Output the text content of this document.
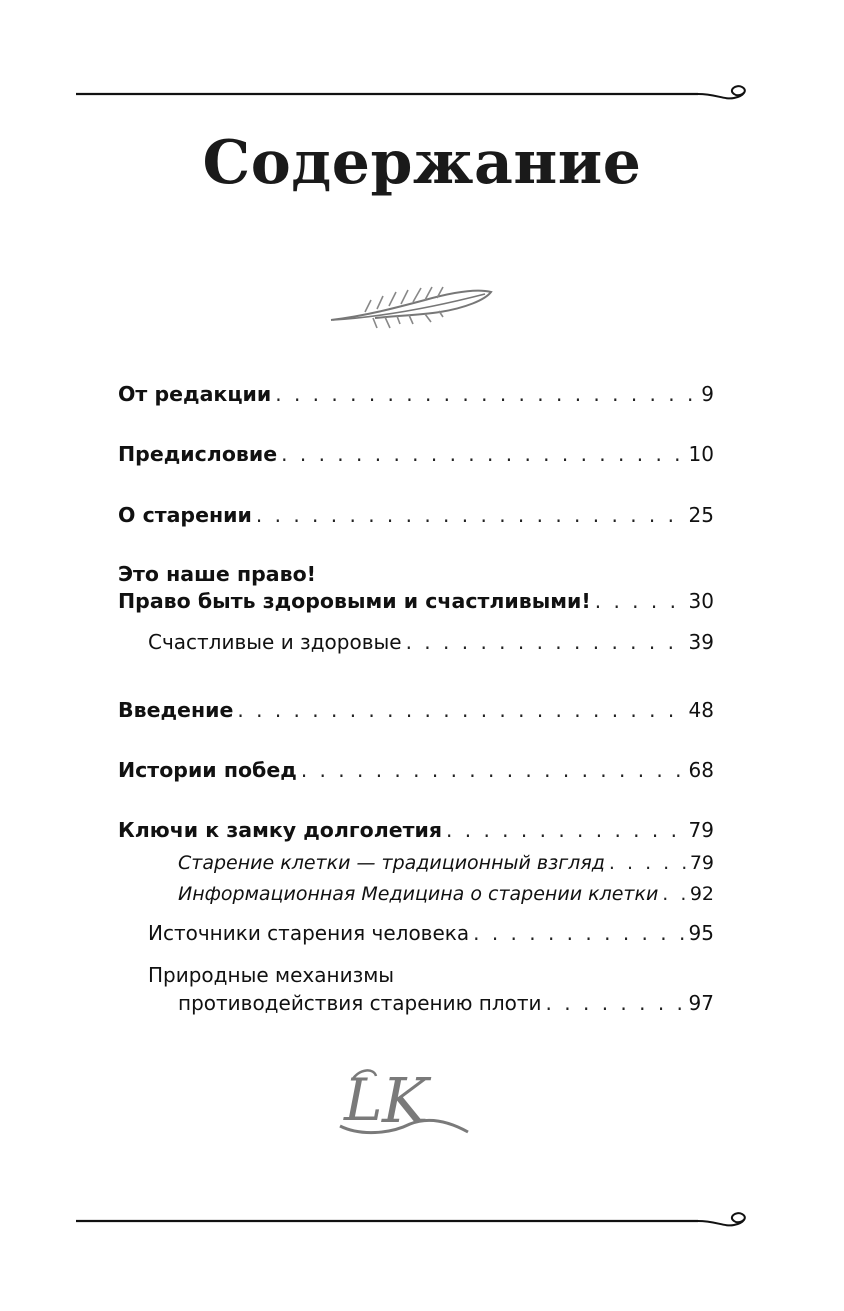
Содержание
От редакции . . .	9
Предисловие . . .	10
О старении . . .	25
Это наше право!
Право быть здоровыми и счастливыми! . . .	30
Счастливые и здоровые . . .	39
Введение . . .	48
Истории побед . . .	68
Ключи к замку долголетия . . .	79
Старение клетки — традиционный взгляд . . .	79
Информационная Медицина о старении клетки . . . 92
Источники старения человека . . .	95
Природные механизмы
противодействия старению плоти . . .	97
L K
